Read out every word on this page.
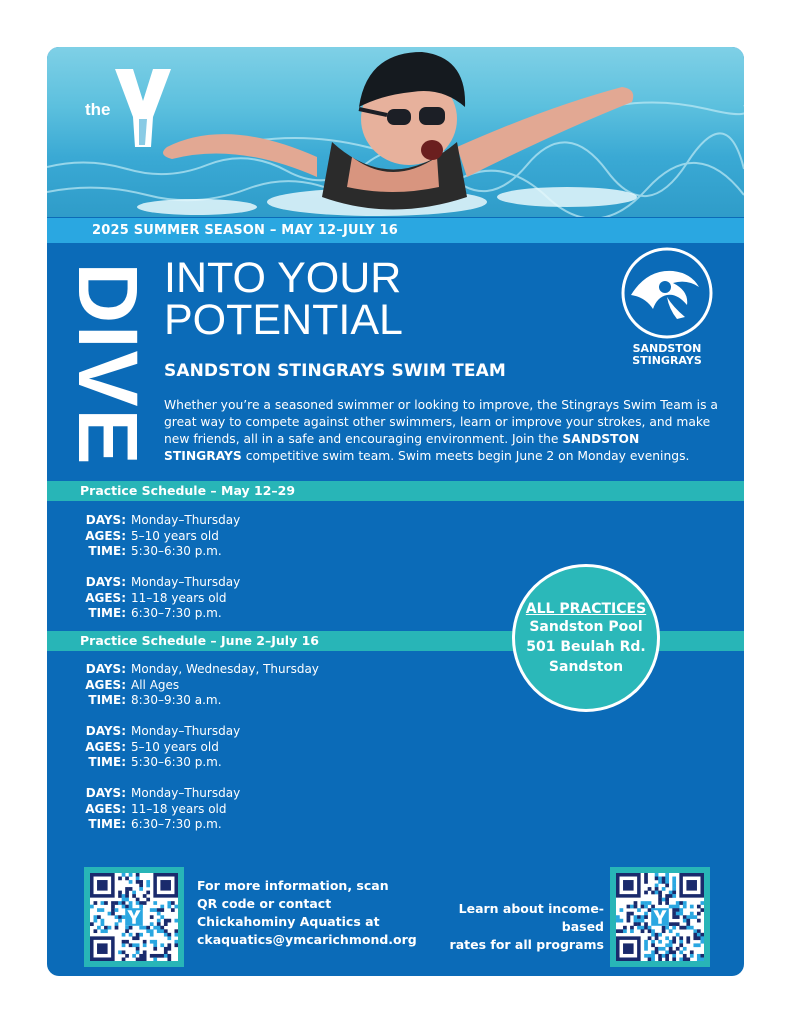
the
2025 SUMMER SEASON – MAY 12–JULY 16
DIVE INTO YOUR
POTENTIAL
SANDSTON STINGRAYS SWIM TEAM
SANDSTON
STINGRAYS
Whether you’re a seasoned swimmer or looking to improve, the Stingrays Swim Team is a great way to compete against other swimmers, learn or improve your strokes, and make new friends, all in a safe and encouraging environment. Join the SANDSTON STINGRAYS competitive swim team. Swim meets begin June 2 on Monday evenings.
Practice Schedule – May 12–29
DAYS: Monday–Thursday
AGES: 5–10 years old
TIME: 5:30–6:30 p.m.
DAYS: Monday–Thursday
AGES: 11–18 years old
TIME: 6:30–7:30 p.m.
Practice Schedule – June 2–July 16
DAYS: Monday, Wednesday, Thursday
AGES: All Ages
TIME: 8:30–9:30 a.m.
DAYS: Monday–Thursday
AGES: 5–10 years old
TIME: 5:30–6:30 p.m.
DAYS: Monday–Thursday
AGES: 11–18 years old
TIME: 6:30–7:30 p.m.
ALL PRACTICES
Sandston Pool
501 Beulah Rd.
Sandston
For more information, scan
QR code or contact
Chickahominy Aquatics at
ckaquatics@ymcarichmond.org
Learn about income-based
rates for all programs
